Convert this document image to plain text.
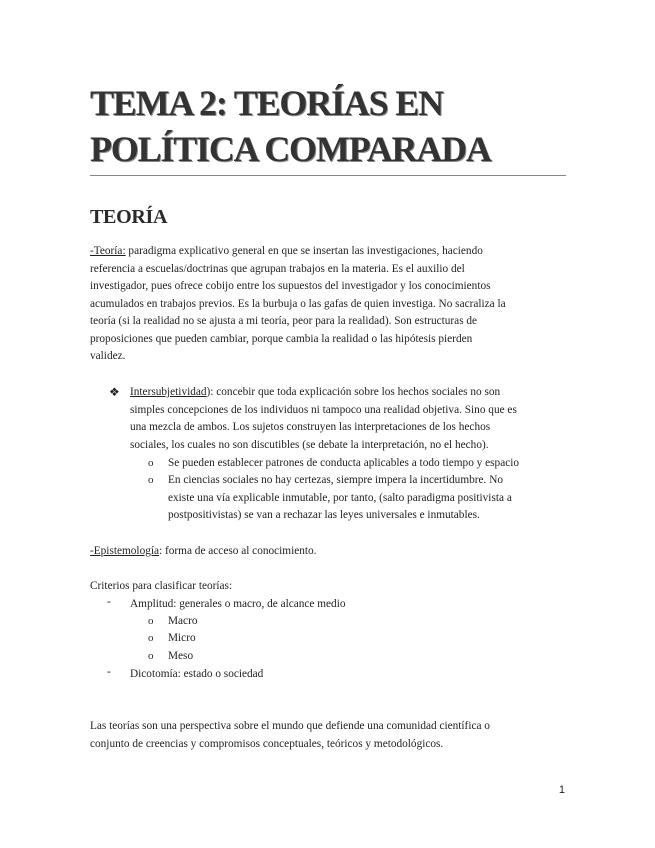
TEMA 2: TEORÍAS EN
POLÍTICA COMPARADA
TEORÍA
-Teoría: paradigma explicativo general en que se insertan las investigaciones, haciendo
referencia a escuelas/doctrinas que agrupan trabajos en la materia. Es el auxilio del
investigador, pues ofrece cobijo entre los supuestos del investigador y los conocimientos
acumulados en trabajos previos. Es la burbuja o las gafas de quien investiga. No sacraliza la
teoría (si la realidad no se ajusta a mi teoría, peor para la realidad). Son estructuras de
proposiciones que pueden cambiar, porque cambia la realidad o las hipótesis pierden
validez.
❖ Intersubjetividad): concebir que toda explicación sobre los hechos sociales no son
simples concepciones de los individuos ni tampoco una realidad objetiva. Sino que es
una mezcla de ambos. Los sujetos construyen las interpretaciones de los hechos
sociales, los cuales no son discutibles (se debate la interpretación, no el hecho).
o Se pueden establecer patrones de conducta aplicables a todo tiempo y espacio
o En ciencias sociales no hay certezas, siempre impera la incertidumbre. No
existe una vía explicable inmutable, por tanto, (salto paradigma positivista a
postpositivistas) se van a rechazar las leyes universales e inmutables.
-Epistemología: forma de acceso al conocimiento.
Criterios para clasificar teorías:
- Amplitud: generales o macro, de alcance medio
o Macro
o Micro
o Meso
- Dicotomía: estado o sociedad
Las teorías son una perspectiva sobre el mundo que defiende una comunidad científica o
conjunto de creencias y compromisos conceptuales, teóricos y metodológicos.
1
